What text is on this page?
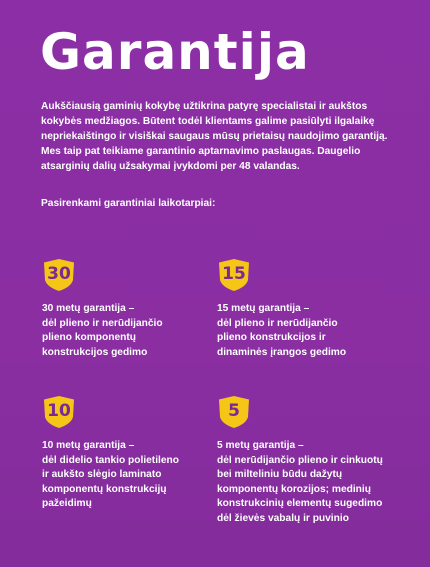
Garantija

Aukščiausią gaminių kokybę užtikrina patyrę specialistai ir aukštos kokybės medžiagos. Būtent todėl klientams galime pasiūlyti ilgalaikę nepriekaištingo ir visiškai saugaus mūsų prietaisų naudojimo garantiją. Mes taip pat teikiame garantinio aptarnavimo paslaugas. Daugelio atsarginių dalių užsakymai įvykdomi per 48 valandas.

Pasirenkami garantiniai laikotarpiai:

30

30 metų garantija –
dėl plieno ir nerūdijančio
plieno komponentų
konstrukcijos gedimo

15

15 metų garantija –
dėl plieno ir nerūdijančio
plieno konstrukcijos ir
dinaminės įrangos gedimo

10

10 metų garantija –
dėl didelio tankio polietileno
ir aukšto slėgio laminato
komponentų konstrukcijų
pažeidimų

5

5 metų garantija –
dėl nerūdijančio plieno ir cinkuotų
bei milteliniu būdu dažytų
komponentų korozijos; medinių
konstrukcinių elementų sugedimo
dėl žievės vabalų ir puvinio
